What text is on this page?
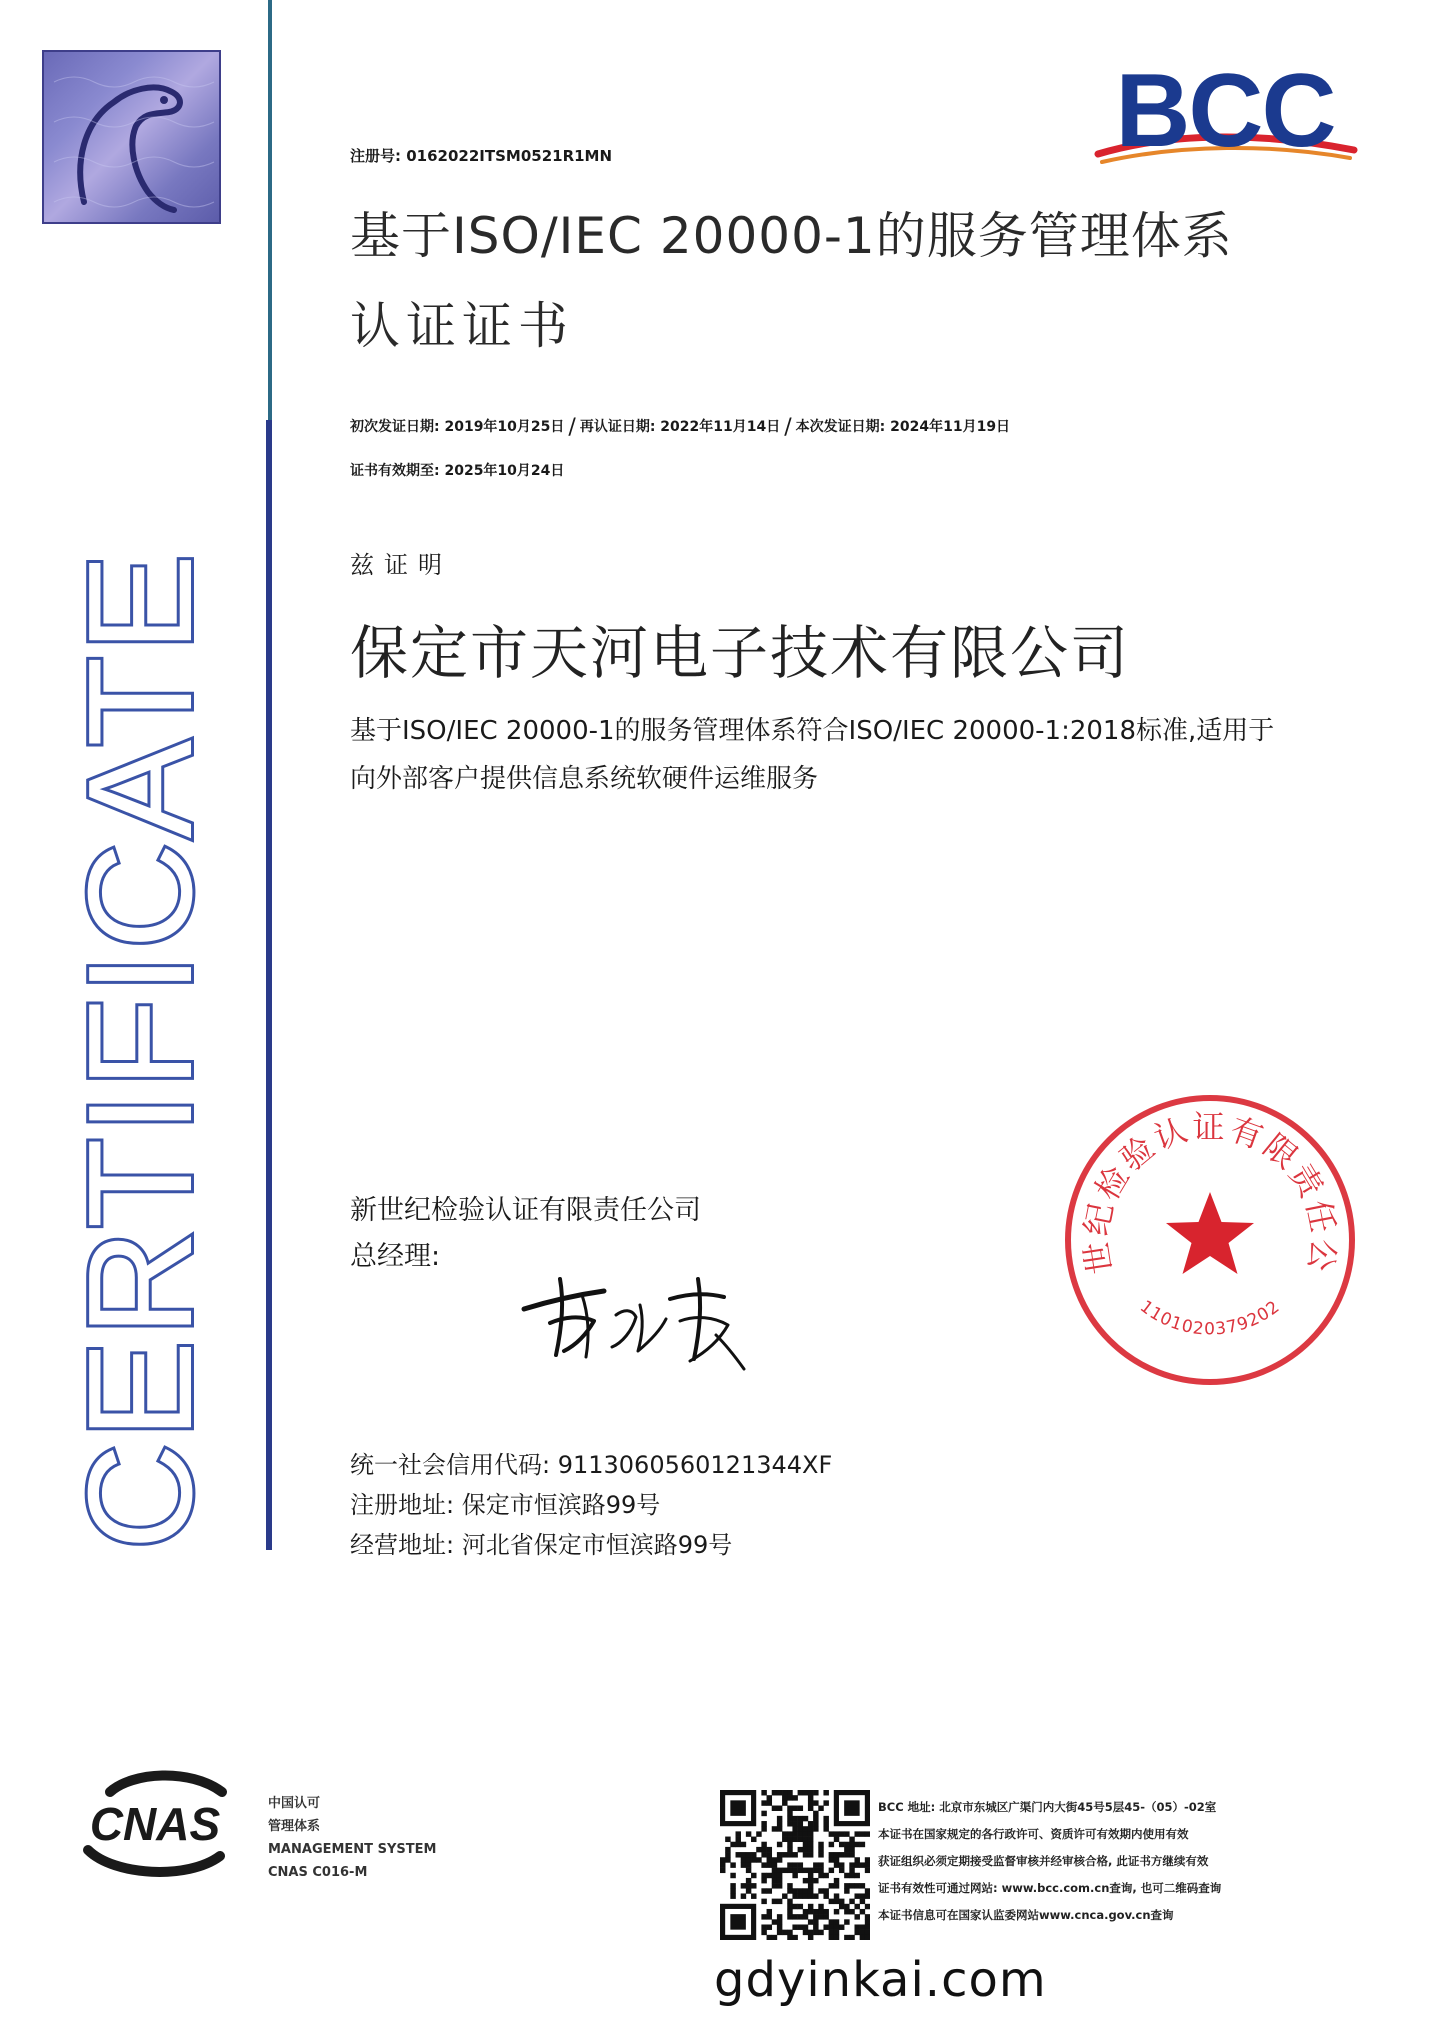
CERTIFICATE
注册号: 0162022ITSM0521R1MN	BCC
基于ISO/IEC 20000-1的服务管理体系
认证证书
初次发证日期: 2019年10月25日 / 再认证日期: 2022年11月14日 / 本次发证日期: 2024年11月19日
证书有效期至: 2025年10月24日
兹证明
保定市天河电子技术有限公司
基于ISO/IEC 20000-1的服务管理体系符合ISO/IEC 20000-1:2018标准,适用于
向外部客户提供信息系统软硬件运维服务
新世纪检验认证有限责任公司
总经理:	世纪检验认证有限责任公
1101020379202
统一社会信用代码: 9113060560121344XF
注册地址: 保定市恒滨路99号
经营地址: 河北省保定市恒滨路99号
CNAS	中国认可
管理体系
MANAGEMENT SYSTEM
CNAS C016-M
BCC 地址: 北京市东城区广渠门内大街45号5层45-（05）-02室
本证书在国家规定的各行政许可、资质许可有效期内使用有效
获证组织必须定期接受监督审核并经审核合格, 此证书方继续有效
证书有效性可通过网站: www.bcc.com.cn查询, 也可二维码查询
本证书信息可在国家认监委网站www.cnca.gov.cn查询
gdyinkai.com
